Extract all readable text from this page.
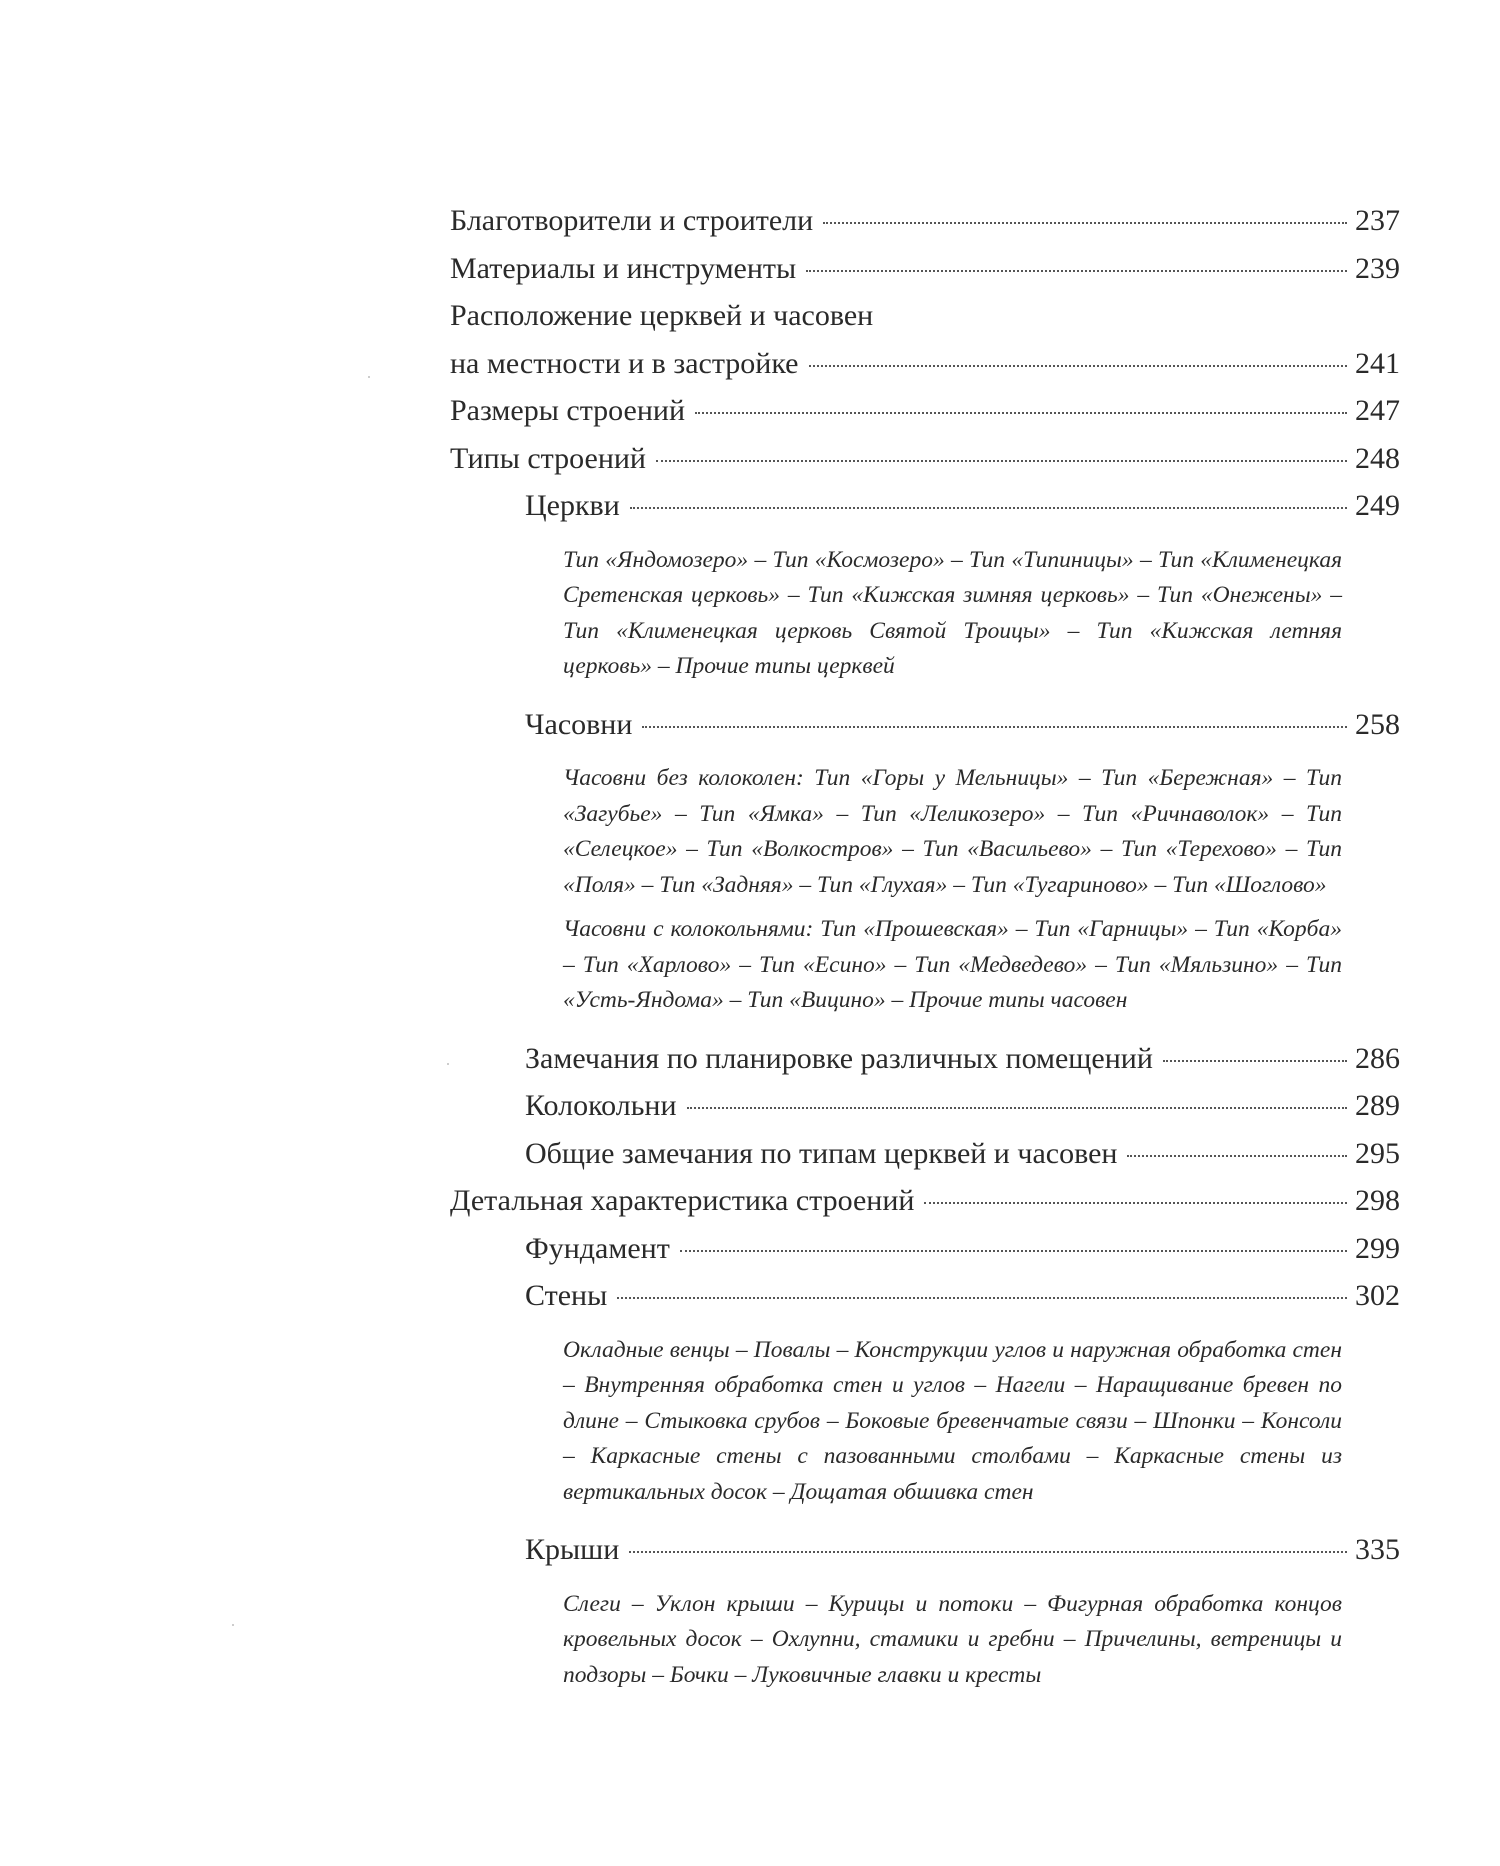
Благотворители и строители	237
Материалы и инструменты	239
Расположение церквей и часовен
на местности и в застройке	241
Размеры строений	247
Типы строений	248
Церкви	249

Тип «Яндомозеро» – Тип «Космозеро» – Тип «Типиницы» – Тип «Клименецкая Сретенская церковь» – Тип «Кижская зимняя церковь» – Тип «Онежены» – Тип «Клименецкая церковь Святой Троицы» – Тип «Кижская летняя церковь» – Прочие типы церквей

Часовни	258

Часовни без колоколен: Тип «Горы у Мельницы» – Тип «Бережная» – Тип «Загубье» – Тип «Ямка» – Тип «Леликозеро» – Тип «Ричнаволок» – Тип «Селецкое» – Тип «Волкостров» – Тип «Васильево» – Тип «Терехово» – Тип «Поля» – Тип «Задняя» – Тип «Глухая» – Тип «Тугариново» – Тип «Шоглово»

Часовни с колокольнями: Тип «Прошевская» – Тип «Гарницы» – Тип «Корба» – Тип «Харлово» – Тип «Есино» – Тип «Медведево» – Тип «Мяльзино» – Тип «Усть-Яндома» – Тип «Вицино» – Прочие типы часовен

Замечания по планировке различных помещений	286
Колокольни	289
Общие замечания по типам церквей и часовен	295
Детальная характеристика строений	298
Фундамент	299
Стены	302

Окладные венцы – Повалы – Конструкции углов и наружная обработка стен – Внутренняя обработка стен и углов – Нагели – Наращивание бревен по длине – Стыковка срубов – Боковые бревенчатые связи – Шпонки – Консоли – Каркасные стены с пазованными столбами – Каркасные стены из вертикальных досок – Дощатая обшивка стен

Крыши	335

Слеги – Уклон крыши – Курицы и потоки – Фигурная обработка концов кровельных досок – Охлупни, стамики и гребни – Причелины, ветреницы и подзоры – Бочки – Луковичные главки и кресты
